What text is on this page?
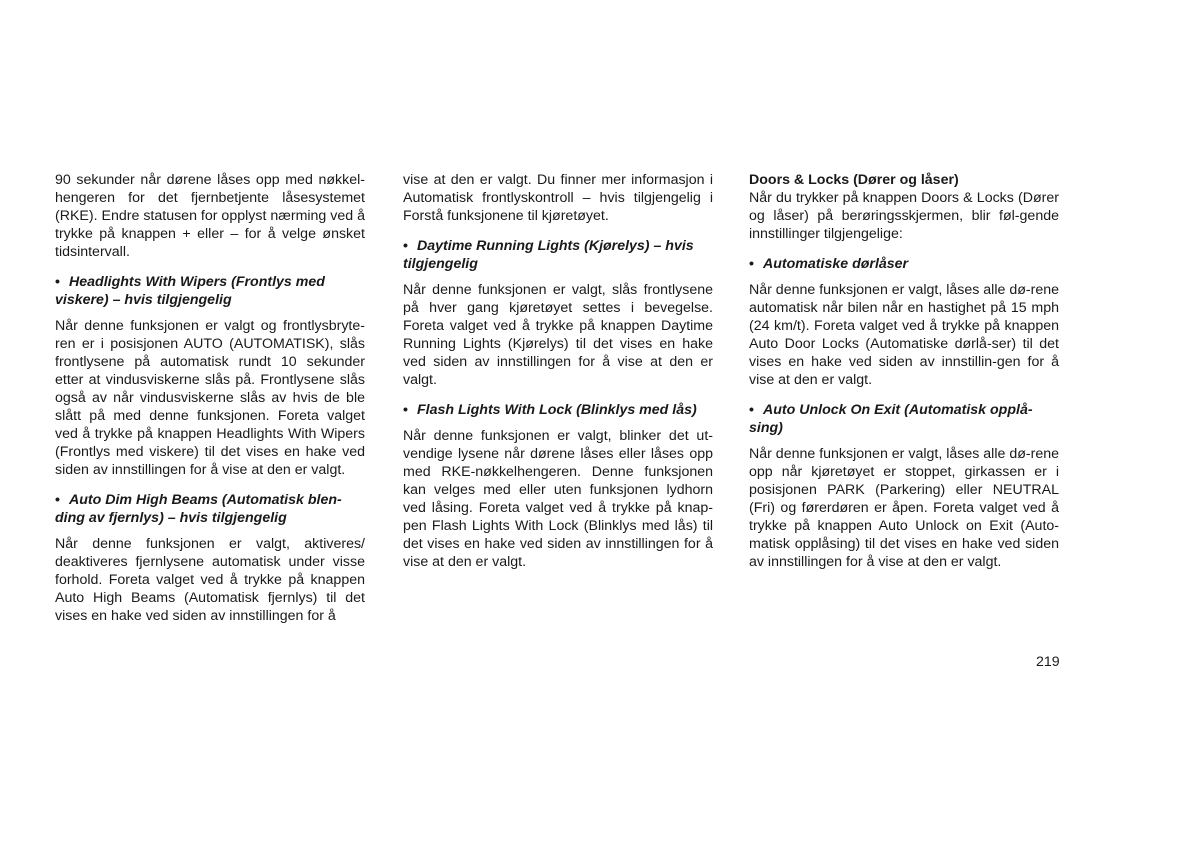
90 sekunder når dørene låses opp med nøkkel-hengeren for det fjernbetjente låsesystemet (RKE). Endre statusen for opplyst nærming ved å trykke på knappen + eller – for å velge ønsket tidsintervall.

• Headlights With Wipers (Frontlys med viskere) – hvis tilgjengelig

Når denne funksjonen er valgt og frontlysbryte-ren er i posisjonen AUTO (AUTOMATISK), slås frontlysene på automatisk rundt 10 sekunder etter at vindusviskerne slås på. Frontlysene slås også av når vindusviskerne slås av hvis de ble slått på med denne funksjonen. Foreta valget ved å trykke på knappen Headlights With Wipers (Frontlys med viskere) til det vises en hake ved siden av innstillingen for å vise at den er valgt.

• Auto Dim High Beams (Automatisk blen-ding av fjernlys) – hvis tilgjengelig

Når denne funksjonen er valgt, aktiveres/ deaktiveres fjernlysene automatisk under visse forhold. Foreta valget ved å trykke på knappen Auto High Beams (Automatisk fjernlys) til det vises en hake ved siden av innstillingen for å

vise at den er valgt. Du finner mer informasjon i Automatisk frontlyskontroll – hvis tilgjengelig i Forstå funksjonene til kjøretøyet.

• Daytime Running Lights (Kjørelys) – hvis tilgjengelig

Når denne funksjonen er valgt, slås frontlysene på hver gang kjøretøyet settes i bevegelse. Foreta valget ved å trykke på knappen Daytime Running Lights (Kjørelys) til det vises en hake ved siden av innstillingen for å vise at den er valgt.

• Flash Lights With Lock (Blinklys med lås)

Når denne funksjonen er valgt, blinker det ut-vendige lysene når dørene låses eller låses opp med RKE-nøkkelhengeren. Denne funksjonen kan velges med eller uten funksjonen lydhorn ved låsing. Foreta valget ved å trykke på knap-pen Flash Lights With Lock (Blinklys med lås) til det vises en hake ved siden av innstillingen for å vise at den er valgt.

Doors & Locks (Dører og låser)

Når du trykker på knappen Doors & Locks (Dører og låser) på berøringsskjermen, blir føl-gende innstillinger tilgjengelige:

• Automatiske dørlåser

Når denne funksjonen er valgt, låses alle dø-rene automatisk når bilen når en hastighet på 15 mph (24 km/t). Foreta valget ved å trykke på knappen Auto Door Locks (Automatiske dørlå-ser) til det vises en hake ved siden av innstillin-gen for å vise at den er valgt.

• Auto Unlock On Exit (Automatisk opplå-sing)

Når denne funksjonen er valgt, låses alle dø-rene opp når kjøretøyet er stoppet, girkassen er i posisjonen PARK (Parkering) eller NEUTRAL (Fri) og førerdøren er åpen. Foreta valget ved å trykke på knappen Auto Unlock on Exit (Auto-matisk opplåsing) til det vises en hake ved siden av innstillingen for å vise at den er valgt.

219
